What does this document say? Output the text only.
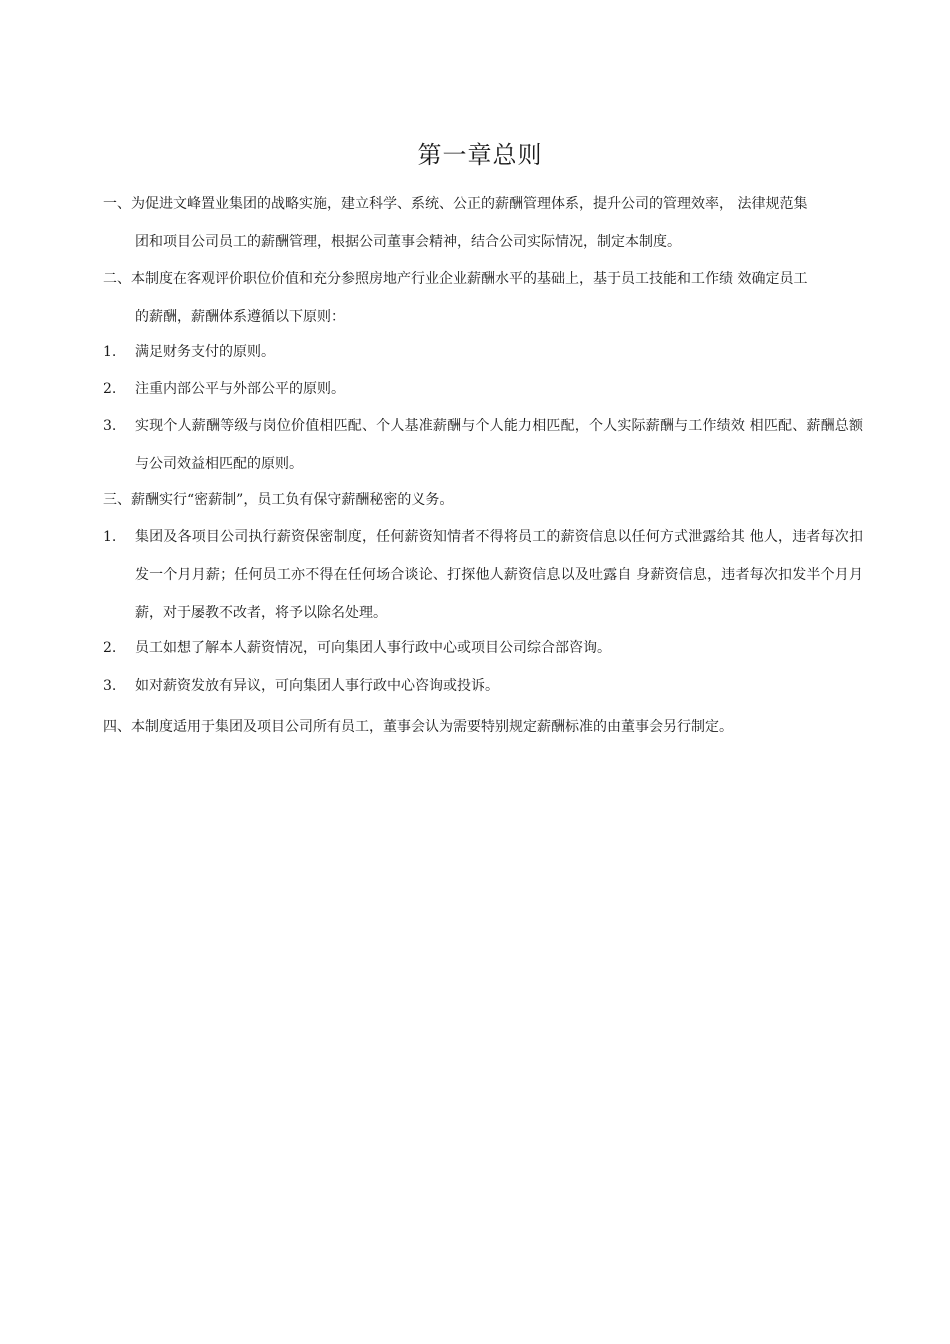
第一章总则
一、为促进文峰置业集团的战略实施，建立科学、系统、公正的薪酬管理体系，提升公司的管理效率， 法律规范集
团和项目公司员工的薪酬管理，根据公司董事会精神，结合公司实际情况，制定本制度。
二、本制度在客观评价职位价值和充分参照房地产行业企业薪酬水平的基础上，基于员工技能和工作绩 效确定员工
的薪酬，薪酬体系遵循以下原则：
1.	满足财务支付的原则。
2.	注重内部公平与外部公平的原则。
3.	实现个人薪酬等级与岗位价值相匹配、个人基准薪酬与个人能力相匹配，个人实际薪酬与工作绩效 相匹配、薪酬总额与公司效益相匹配的原则。
三、薪酬实行“密薪制”，员工负有保守薪酬秘密的义务。
1.	集团及各项目公司执行薪资保密制度，任何薪资知情者不得将员工的薪资信息以任何方式泄露给其 他人，违者每次扣发一个月月薪；任何员工亦不得在任何场合谈论、打探他人薪资信息以及吐露自 身薪资信息，违者每次扣发半个月月薪，对于屡教不改者，将予以除名处理。
2.	员工如想了解本人薪资情况，可向集团人事行政中心或项目公司综合部咨询。
3.	如对薪资发放有异议，可向集团人事行政中心咨询或投诉。
四、本制度适用于集团及项目公司所有员工，董事会认为需要特别规定薪酬标准的由董事会另行制定。
